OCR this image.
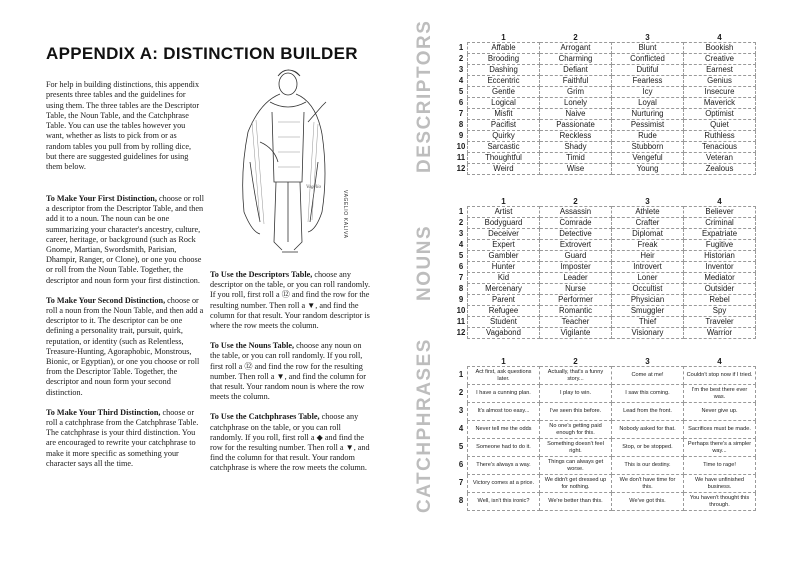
APPENDIX A: DISTINCTION BUILDER
For help in building distinctions, this appendix presents three tables and the guidelines for using them. The three tables are the Descriptor Table, the Noun Table, and the Catchphrase Table. You can use the tables however you want, whether as lists to pick from or as random tables you pull from by rolling dice, but there are suggested guidelines for using them below.

To Make Your First Distinction, choose or roll a descriptor from the Descriptor Table, and then add it to a noun. The noun can be one summarizing your character's ancestry, culture, career, heritage, or background (such as Rock Gnome, Martian, Swordsmith, Parisian, Dhampir, Ranger, or Clone), or one you choose or roll from the Noun Table. Together, the descriptor and noun form your first distinction.

To Make Your Second Distinction, choose or roll a noun from the Noun Table, and then add a descriptor to it. The descriptor can be one defining a personality trait, pursuit, quirk, reputation, or identity (such as Relentless, Treasure-Hunting, Agoraphobic, Monstrous, Bionic, or Egyptian), or one you choose or roll from the Descriptor Table. Together, the descriptor and noun form your second distinction.

To Make Your Third Distinction, choose or roll a catchphrase from the Catchphrase Table. The catchphrase is your third distinction. You are encouraged to rewrite your catchphrase to make it more specific as something your character says all the time.

Vagelio
VAGELIO KALIVA

To Use the Descriptors Table, choose any descriptor on the table, or you can roll randomly. If you roll, first roll a ⑫ and find the row for the resulting number. Then roll a ▼, and find the column for that result. Your random descriptor is where the row meets the column.

To Use the Nouns Table, choose any noun on the table, or you can roll randomly. If you roll, first roll a ⑫ and find the row for the resulting number. Then roll a ▼, and find the column for that result. Your random noun is where the row meets the column.

To Use the Catchphrases Table, choose any catchphrase on the table, or you can roll randomly. If you roll, first roll a ◆ and find the row for the resulting number. Then roll a ▼, and find the column for that result. Your random catchphrase is where the row meets the column.

DESCRIPTORS
NOUNS
CATCHPHRASES
	1	2	3	4
1	Affable	Arrogant	Blunt	Bookish
2	Brooding	Charming	Conflicted	Creative
3	Dashing	Defiant	Dutiful	Earnest
4	Eccentric	Faithful	Fearless	Genius
5	Gentle	Grim	Icy	Insecure
6	Logical	Lonely	Loyal	Maverick
7	Misfit	Naive	Nurturing	Optimist
8	Pacifist	Passionate	Pessimist	Quiet
9	Quirky	Reckless	Rude	Ruthless
10	Sarcastic	Shady	Stubborn	Tenacious
11	Thoughtful	Timid	Vengeful	Veteran
12	Weird	Wise	Young	Zealous
	1	2	3	4
1	Artist	Assassin	Athlete	Believer
2	Bodyguard	Comrade	Crafter	Criminal
3	Deceiver	Detective	Diplomat	Expatriate
4	Expert	Extrovert	Freak	Fugitive
5	Gambler	Guard	Heir	Historian
6	Hunter	Imposter	Introvert	Inventor
7	Kid	Leader	Loner	Mediator
8	Mercenary	Nurse	Occultist	Outsider
9	Parent	Performer	Physician	Rebel
10	Refugee	Romantic	Smuggler	Spy
11	Student	Teacher	Thief	Traveler
12	Vagabond	Vigilante	Visionary	Warrior
	1	2	3	4
1	Act first, ask questions later.	Actually, that's a funny story...	Come at me!	Couldn't stop now if I tried.
2	I have a cunning plan.	I play to win.	I saw this coming.	I'm the best there ever was.
3	It's almost too easy...	I've seen this before.	Lead from the front.	Never give up.
4	Never tell me the odds	No one's getting paid enough for this.	Nobody asked for that.	Sacrifices must be made.
5	Someone had to do it.	Something doesn't feel right.	Stop, or be stopped.	Perhaps there's a simpler way...
6	There's always a way.	Things can always get worse.	This is our destiny.	Time to rage!
7	Victory comes at a price.	We didn't get dressed up for nothing.	We don't have time for this.	We have unfinished business.
8	Well, isn't this ironic?	We're better than this.	We've got this.	You haven't thought this through.
